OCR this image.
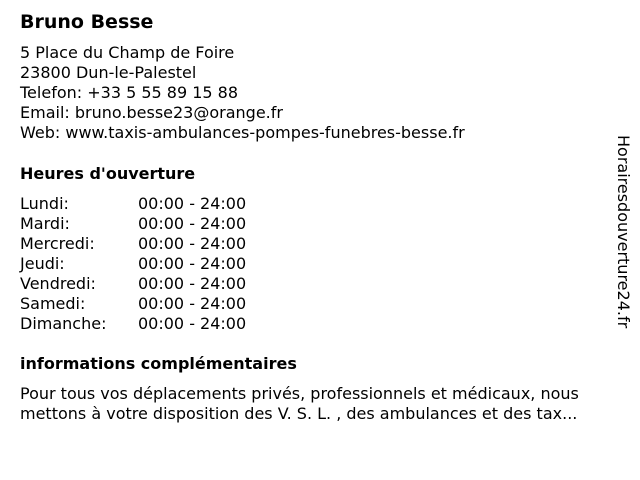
Bruno Besse
5 Place du Champ de Foire
23800 Dun-le-Palestel
Telefon: +33 5 55 89 15 88
Email: bruno.besse23@orange.fr
Web: www.taxis-ambulances-pompes-funebres-besse.fr
Heures d'ouverture
Lundi:	00:00 - 24:00
Mardi:	00:00 - 24:00
Mercredi:	00:00 - 24:00
Jeudi:	00:00 - 24:00
Vendredi:	00:00 - 24:00
Samedi:	00:00 - 24:00
Dimanche:	00:00 - 24:00
informations complémentaires
Pour tous vos déplacements privés, professionnels et médicaux, nous
mettons à votre disposition des V. S. L. , des ambulances et des tax...
Horairesdouverture24.fr
